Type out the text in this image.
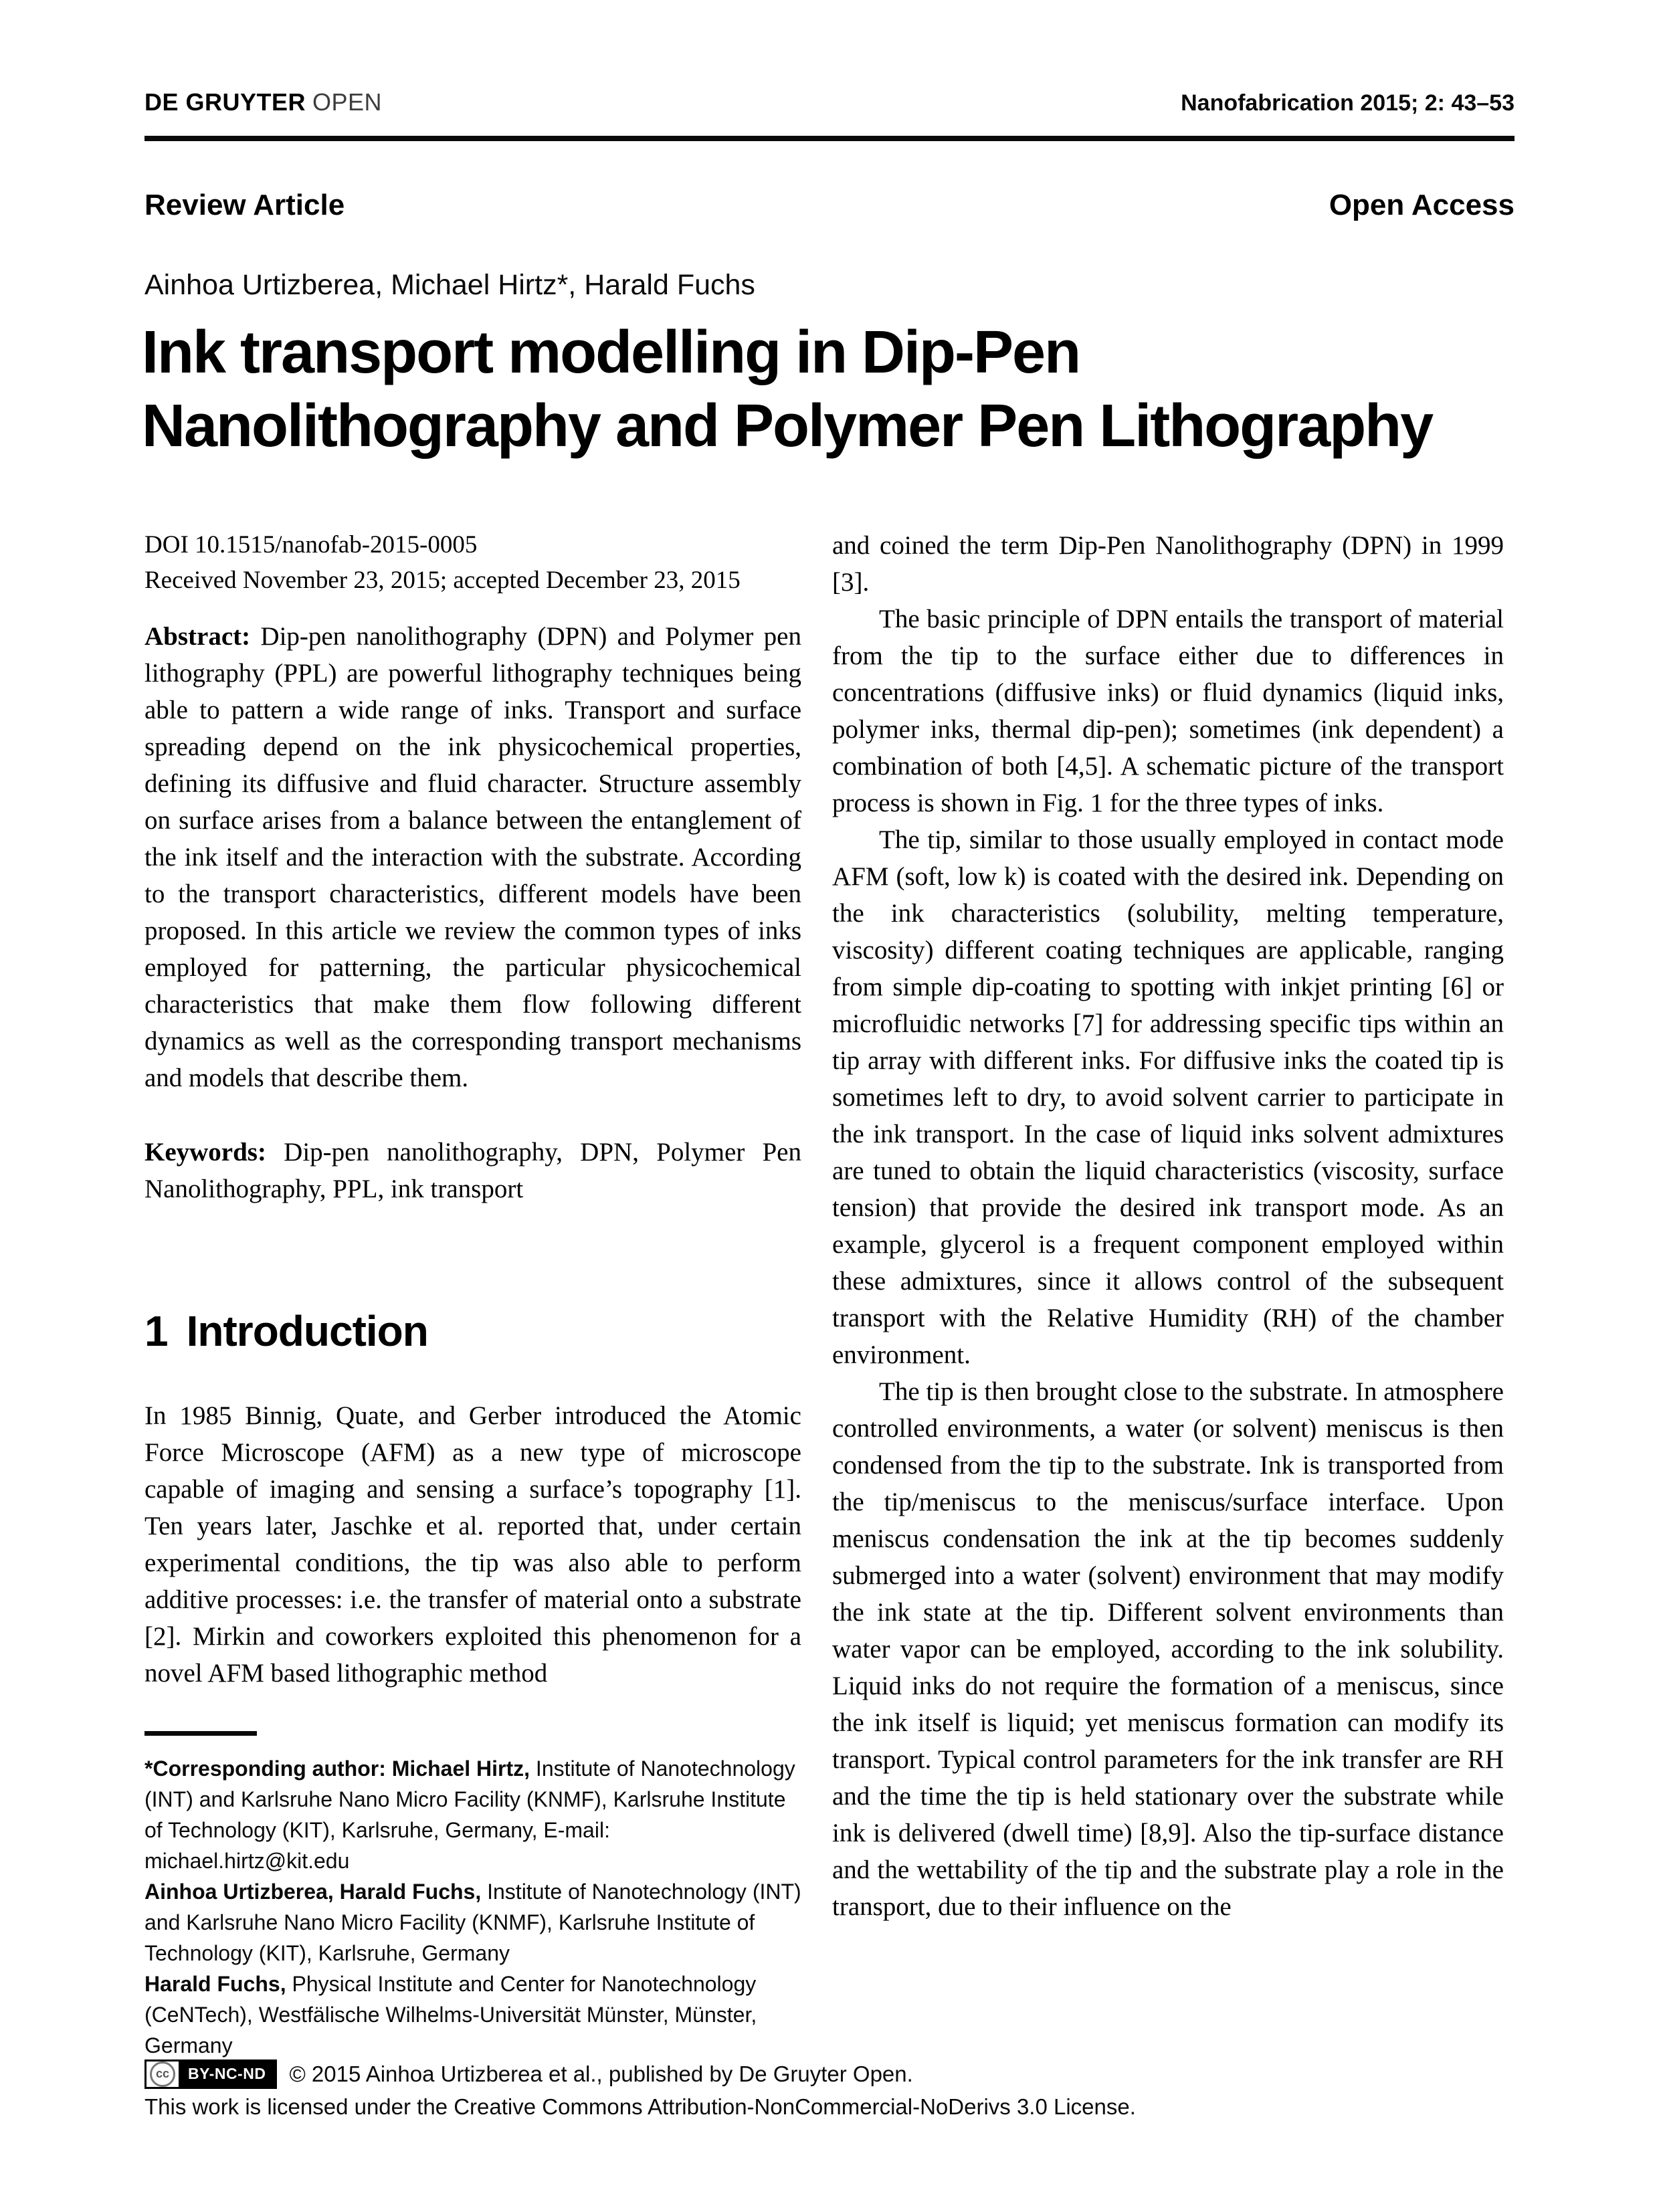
DE GRUYTER OPEN	Nanofabrication 2015; 2: 43–53
Review Article	Open Access
Ainhoa Urtizberea, Michael Hirtz*, Harald Fuchs
Ink transport modelling in Dip-Pen
Nanolithography and Polymer Pen Lithography

DOI 10.1515/nanofab-2015-0005

Received November 23, 2015; accepted December 23, 2015

Abstract: Dip-pen nanolithography (DPN) and Polymer pen lithography (PPL) are powerful lithography techniques being able to pattern a wide range of inks. Transport and surface spreading depend on the ink physicochemical properties, defining its diffusive and fluid character. Structure assembly on surface arises from a balance between the entanglement of the ink itself and the interaction with the substrate. According to the transport characteristics, different models have been proposed. In this article we review the common types of inks employed for patterning, the particular physicochemical characteristics that make them flow following different dynamics as well as the corresponding transport mechanisms and models that describe them.

Keywords: Dip-pen nanolithography, DPN, Polymer Pen Nanolithography, PPL, ink transport

1 Introduction

In 1985 Binnig, Quate, and Gerber introduced the Atomic Force Microscope (AFM) as a new type of microscope capable of imaging and sensing a surface’s topography [1]. Ten years later, Jaschke et al. reported that, under certain experimental conditions, the tip was also able to perform additive processes: i.e. the transfer of material onto a substrate [2]. Mirkin and coworkers exploited this phenomenon for a novel AFM based lithographic method

and coined the term Dip-Pen Nanolithography (DPN) in 1999 [3].

The basic principle of DPN entails the transport of material from the tip to the surface either due to differences in concentrations (diffusive inks) or fluid dynamics (liquid inks, polymer inks, thermal dip-pen); sometimes (ink dependent) a combination of both [4,5]. A schematic picture of the transport process is shown in Fig. 1 for the three types of inks.

The tip, similar to those usually employed in contact mode AFM (soft, low k) is coated with the desired ink. Depending on the ink characteristics (solubility, melting temperature, viscosity) different coating techniques are applicable, ranging from simple dip-coating to spotting with inkjet printing [6] or microfluidic networks [7] for addressing specific tips within an tip array with different inks. For diffusive inks the coated tip is sometimes left to dry, to avoid solvent carrier to participate in the ink transport. In the case of liquid inks solvent admixtures are tuned to obtain the liquid characteristics (viscosity, surface tension) that provide the desired ink transport mode. As an example, glycerol is a frequent component employed within these admixtures, since it allows control of the subsequent transport with the Relative Humidity (RH) of the chamber environment.

The tip is then brought close to the substrate. In atmosphere controlled environments, a water (or solvent) meniscus is then condensed from the tip to the substrate. Ink is transported from the tip/meniscus to the meniscus/surface interface. Upon meniscus condensation the ink at the tip becomes suddenly submerged into a water (solvent) environment that may modify the ink state at the tip. Different solvent environments than water vapor can be employed, according to the ink solubility. Liquid inks do not require the formation of a meniscus, since the ink itself is liquid; yet meniscus formation can modify its transport. Typical control parameters for the ink transfer are RH and the time the tip is held stationary over the substrate while ink is delivered (dwell time) [8,9]. Also the tip-surface distance and the wettability of the tip and the substrate play a role in the transport, due to their influence on the

*Corresponding author: Michael Hirtz, Institute of Nanotechnology (INT) and Karlsruhe Nano Micro Facility (KNMF), Karlsruhe Institute of Technology (KIT), Karlsruhe, Germany, E-mail: michael.hirtz@kit.edu

Ainhoa Urtizberea, Harald Fuchs, Institute of Nanotechnology (INT) and Karlsruhe Nano Micro Facility (KNMF), Karlsruhe Institute of Technology (KIT), Karlsruhe, Germany

Harald Fuchs, Physical Institute and Center for Nanotechnology (CeNTech), Westfälische Wilhelms-Universität Münster, Münster, Germany

cc	BY-NC-ND	© 2015 Ainhoa Urtizberea et al., published by De Gruyter Open.
This work is licensed under the Creative Commons Attribution-NonCommercial-NoDerivs 3.0 License.
